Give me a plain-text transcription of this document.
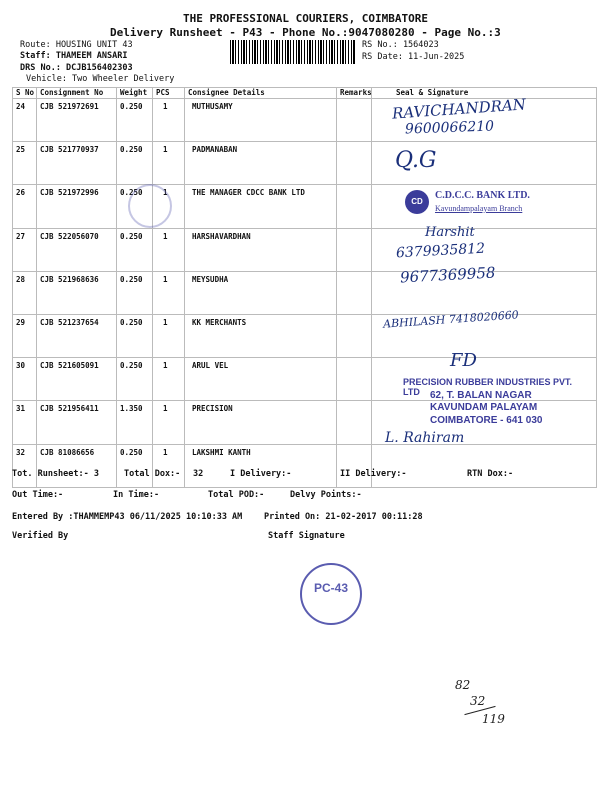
THE PROFESSIONAL COURIERS, COIMBATORE
Delivery Runsheet - P43 - Phone No.:9047080280 - Page No.:3
Route: HOUSING UNIT 43
Staff: THAMEEM ANSARI
DRS No.: DCJB156402303
Vehicle: Two Wheeler Delivery
RS No.: 1564023
RS Date: 11-Jun-2025
S No	Consignment No	Weight	PCS	Consignee Details	Remarks	Seal & Signature
24	CJB 521972691	0.250	1	MUTHUSAMY		
25	CJB 521770937	0.250	1	PADMANABAN		
26	CJB 521972996	0.250	1	THE MANAGER CDCC BANK LTD		
27	CJB 522056070	0.250	1	HARSHAVARDHAN		
28	CJB 521968636	0.250	1	MEYSUDHA		
29	CJB 521237654	0.250	1	KK MERCHANTS		
30	CJB 521605091	0.250	1	ARUL VEL		
31	CJB 521956411	1.350	1	PRECISION		
32	CJB 81086656	0.250	1	LAKSHMI KANTH		
RAVICHANDRAN
9600066210
Q.G
CD
C.D.C.C. BANK LTD.
Kavundampalayam Branch
Harshit
6379935812
9677369958
ABHILASH 7418020660
FD
PRECISION RUBBER INDUSTRIES PVT. LTD	62, T. BALAN NAGAR
KAVUNDAM PALAYAM
COIMBATORE - 641 030
L. Rahiram
Tot. Runsheet:- 3	Total Dox:- 32	I Delivery:-	II Delivery:-	RTN Dox:-
Out Time:-	In Time:-	Total POD:-	Delvy Points:-
Entered By :THAMMEMP43 06/11/2025 10:10:33 AM	Printed On: 21-02-2017 00:11:28
Verified By	Staff Signature
PC-43
82
32
119
